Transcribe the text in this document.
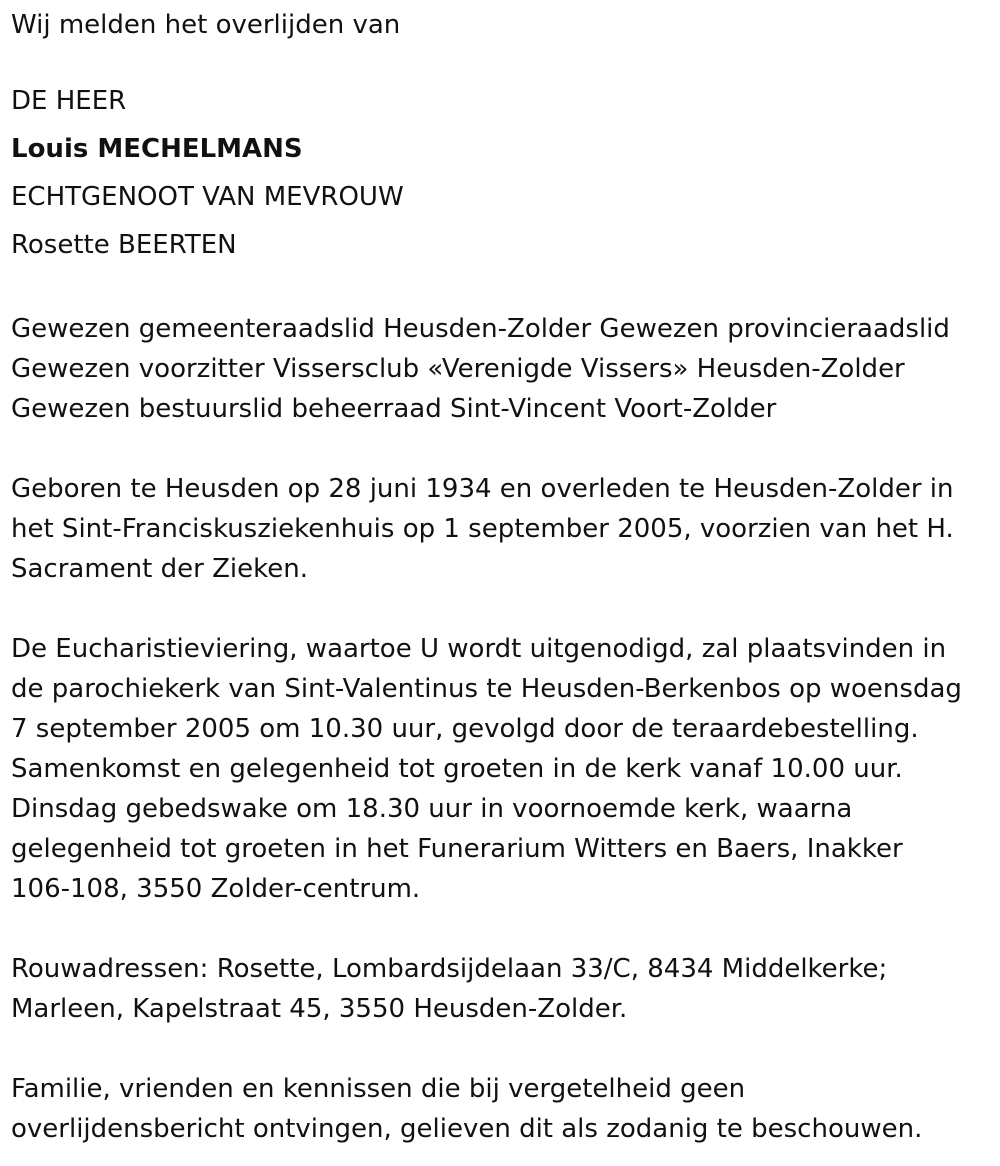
Wij melden het overlijden van
DE HEER
Louis MECHELMANS
ECHTGENOOT VAN MEVROUW
Rosette BEERTEN
Gewezen gemeenteraadslid Heusden-Zolder Gewezen provincieraadslid
Gewezen voorzitter Vissersclub «Verenigde Vissers» Heusden-Zolder
Gewezen bestuurslid beheerraad Sint-Vincent Voort-Zolder
Geboren te Heusden op 28 juni 1934 en overleden te Heusden-Zolder in
het Sint-Franciskusziekenhuis op 1 september 2005, voorzien van het H.
Sacrament der Zieken.
De Eucharistieviering, waartoe U wordt uitgenodigd, zal plaatsvinden in
de parochiekerk van Sint-Valentinus te Heusden-Berkenbos op woensdag
7 september 2005 om 10.30 uur, gevolgd door de teraardebestelling.
Samenkomst en gelegenheid tot groeten in de kerk vanaf 10.00 uur.
Dinsdag gebedswake om 18.30 uur in voornoemde kerk, waarna
gelegenheid tot groeten in het Funerarium Witters en Baers, Inakker
106-108, 3550 Zolder-centrum.
Rouwadressen: Rosette, Lombardsijdelaan 33/C, 8434 Middelkerke;
Marleen, Kapelstraat 45, 3550 Heusden-Zolder.
Familie, vrienden en kennissen die bij vergetelheid geen
overlijdensbericht ontvingen, gelieven dit als zodanig te beschouwen.
